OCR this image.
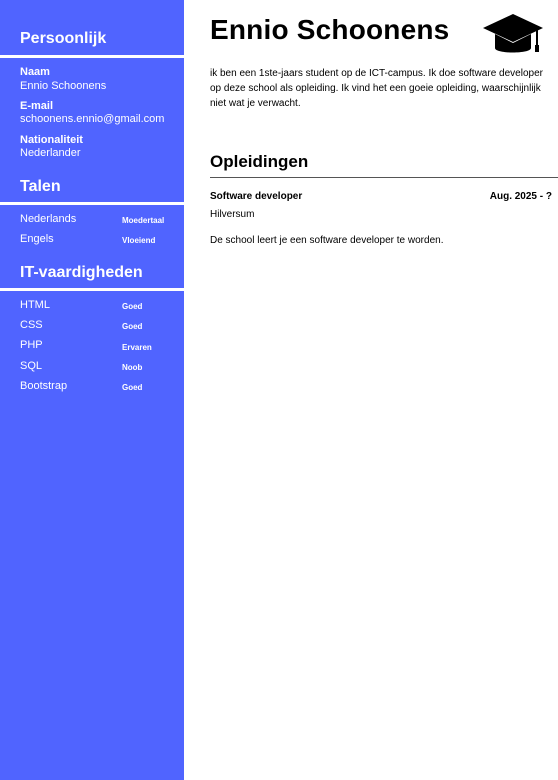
Persoonlijk
Naam
Ennio Schoonens
E-mail
schoonens.ennio@gmail.com
Nationaliteit
Nederlander
Talen
Nederlands	Moedertaal
Engels	Vloeiend
IT-vaardigheden
HTML	Goed
CSS	Goed
PHP	Ervaren
SQL	Noob
Bootstrap	Goed
Ennio Schoonens

ik ben een 1ste-jaars student op de ICT-campus. Ik doe software developer op deze school als opleiding. Ik vind het een goeie opleiding, waarschijnlijk niet wat je verwacht.

Opleidingen
Software developer	Aug. 2025 - ?
Hilversum

De school leert je een software developer te worden.
